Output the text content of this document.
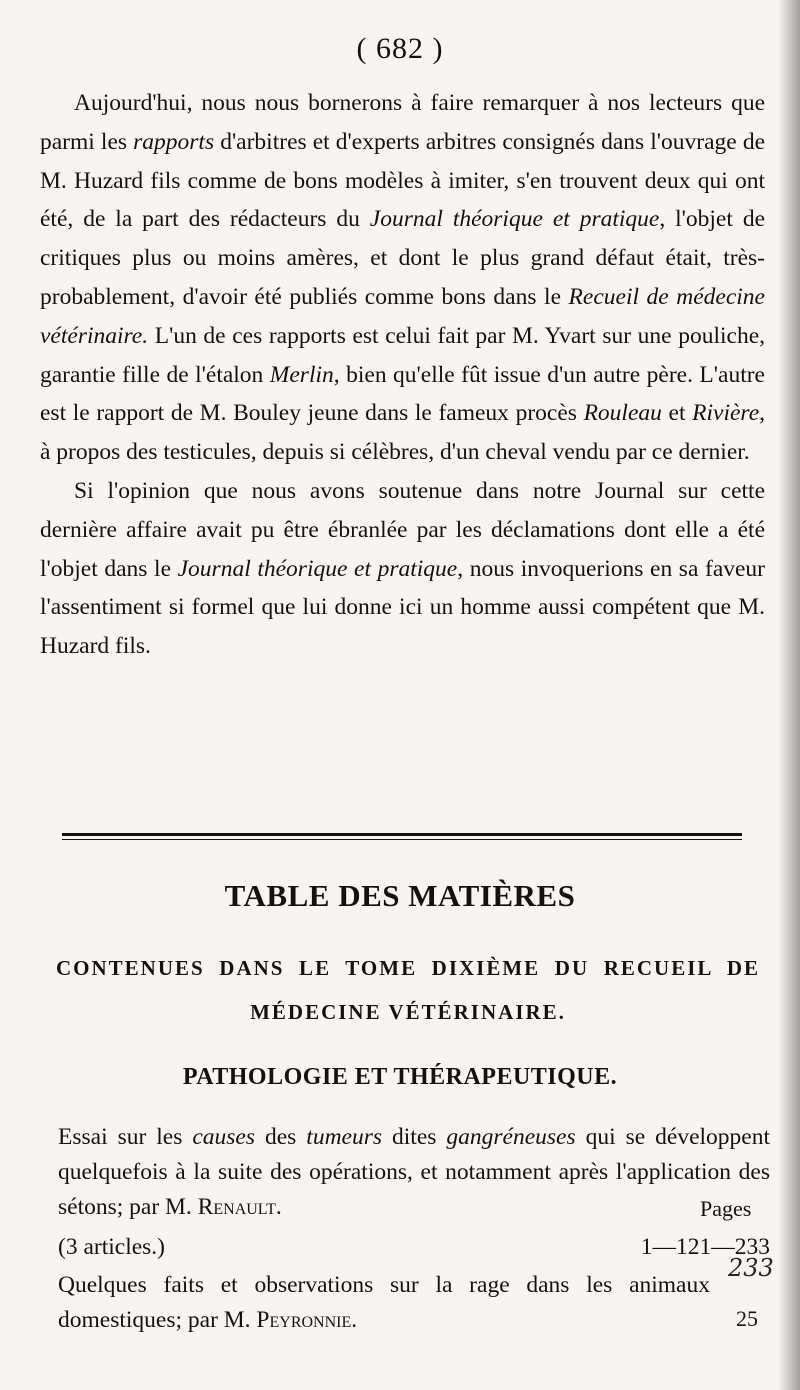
( 682 )

Aujourd'hui, nous nous bornerons à faire remarquer à nos lecteurs que parmi les rapports d'arbitres et d'experts arbitres consignés dans l'ouvrage de M. Huzard fils comme de bons modèles à imiter, s'en trouvent deux qui ont été, de la part des rédacteurs du Journal théorique et pratique, l'objet de critiques plus ou moins amères, et dont le plus grand défaut était, très-probablement, d'avoir été publiés comme bons dans le Recueil de médecine vétérinaire. L'un de ces rapports est celui fait par M. Yvart sur une pouliche, garantie fille de l'étalon Merlin, bien qu'elle fût issue d'un autre père. L'autre est le rapport de M. Bouley jeune dans le fameux procès Rouleau et Rivière, à propos des testicules, depuis si célèbres, d'un cheval vendu par ce dernier.

Si l'opinion que nous avons soutenue dans notre Journal sur cette dernière affaire avait pu être ébranlée par les déclamations dont elle a été l'objet dans le Journal théorique et pratique, nous invoquerions en sa faveur l'assentiment si formel que lui donne ici un homme aussi compétent que M. Huzard fils.

TABLE DES MATIÈRES
CONTENUES DANS LE TOME DIXIÈME DU RECUEIL DE MÉDECINE VÉTÉRINAIRE.
PATHOLOGIE ET THÉRAPEUTIQUE.
Essai sur les causes des tumeurs dites gangréneuses qui se développent quelquefois à la suite des opérations, et notamment après l'application des sétons; par M. Renault.	Pages
(3 articles.)	1—121—233
233
Quelques faits et observations sur la rage dans les animaux domestiques; par M. Peyronnie.	25
